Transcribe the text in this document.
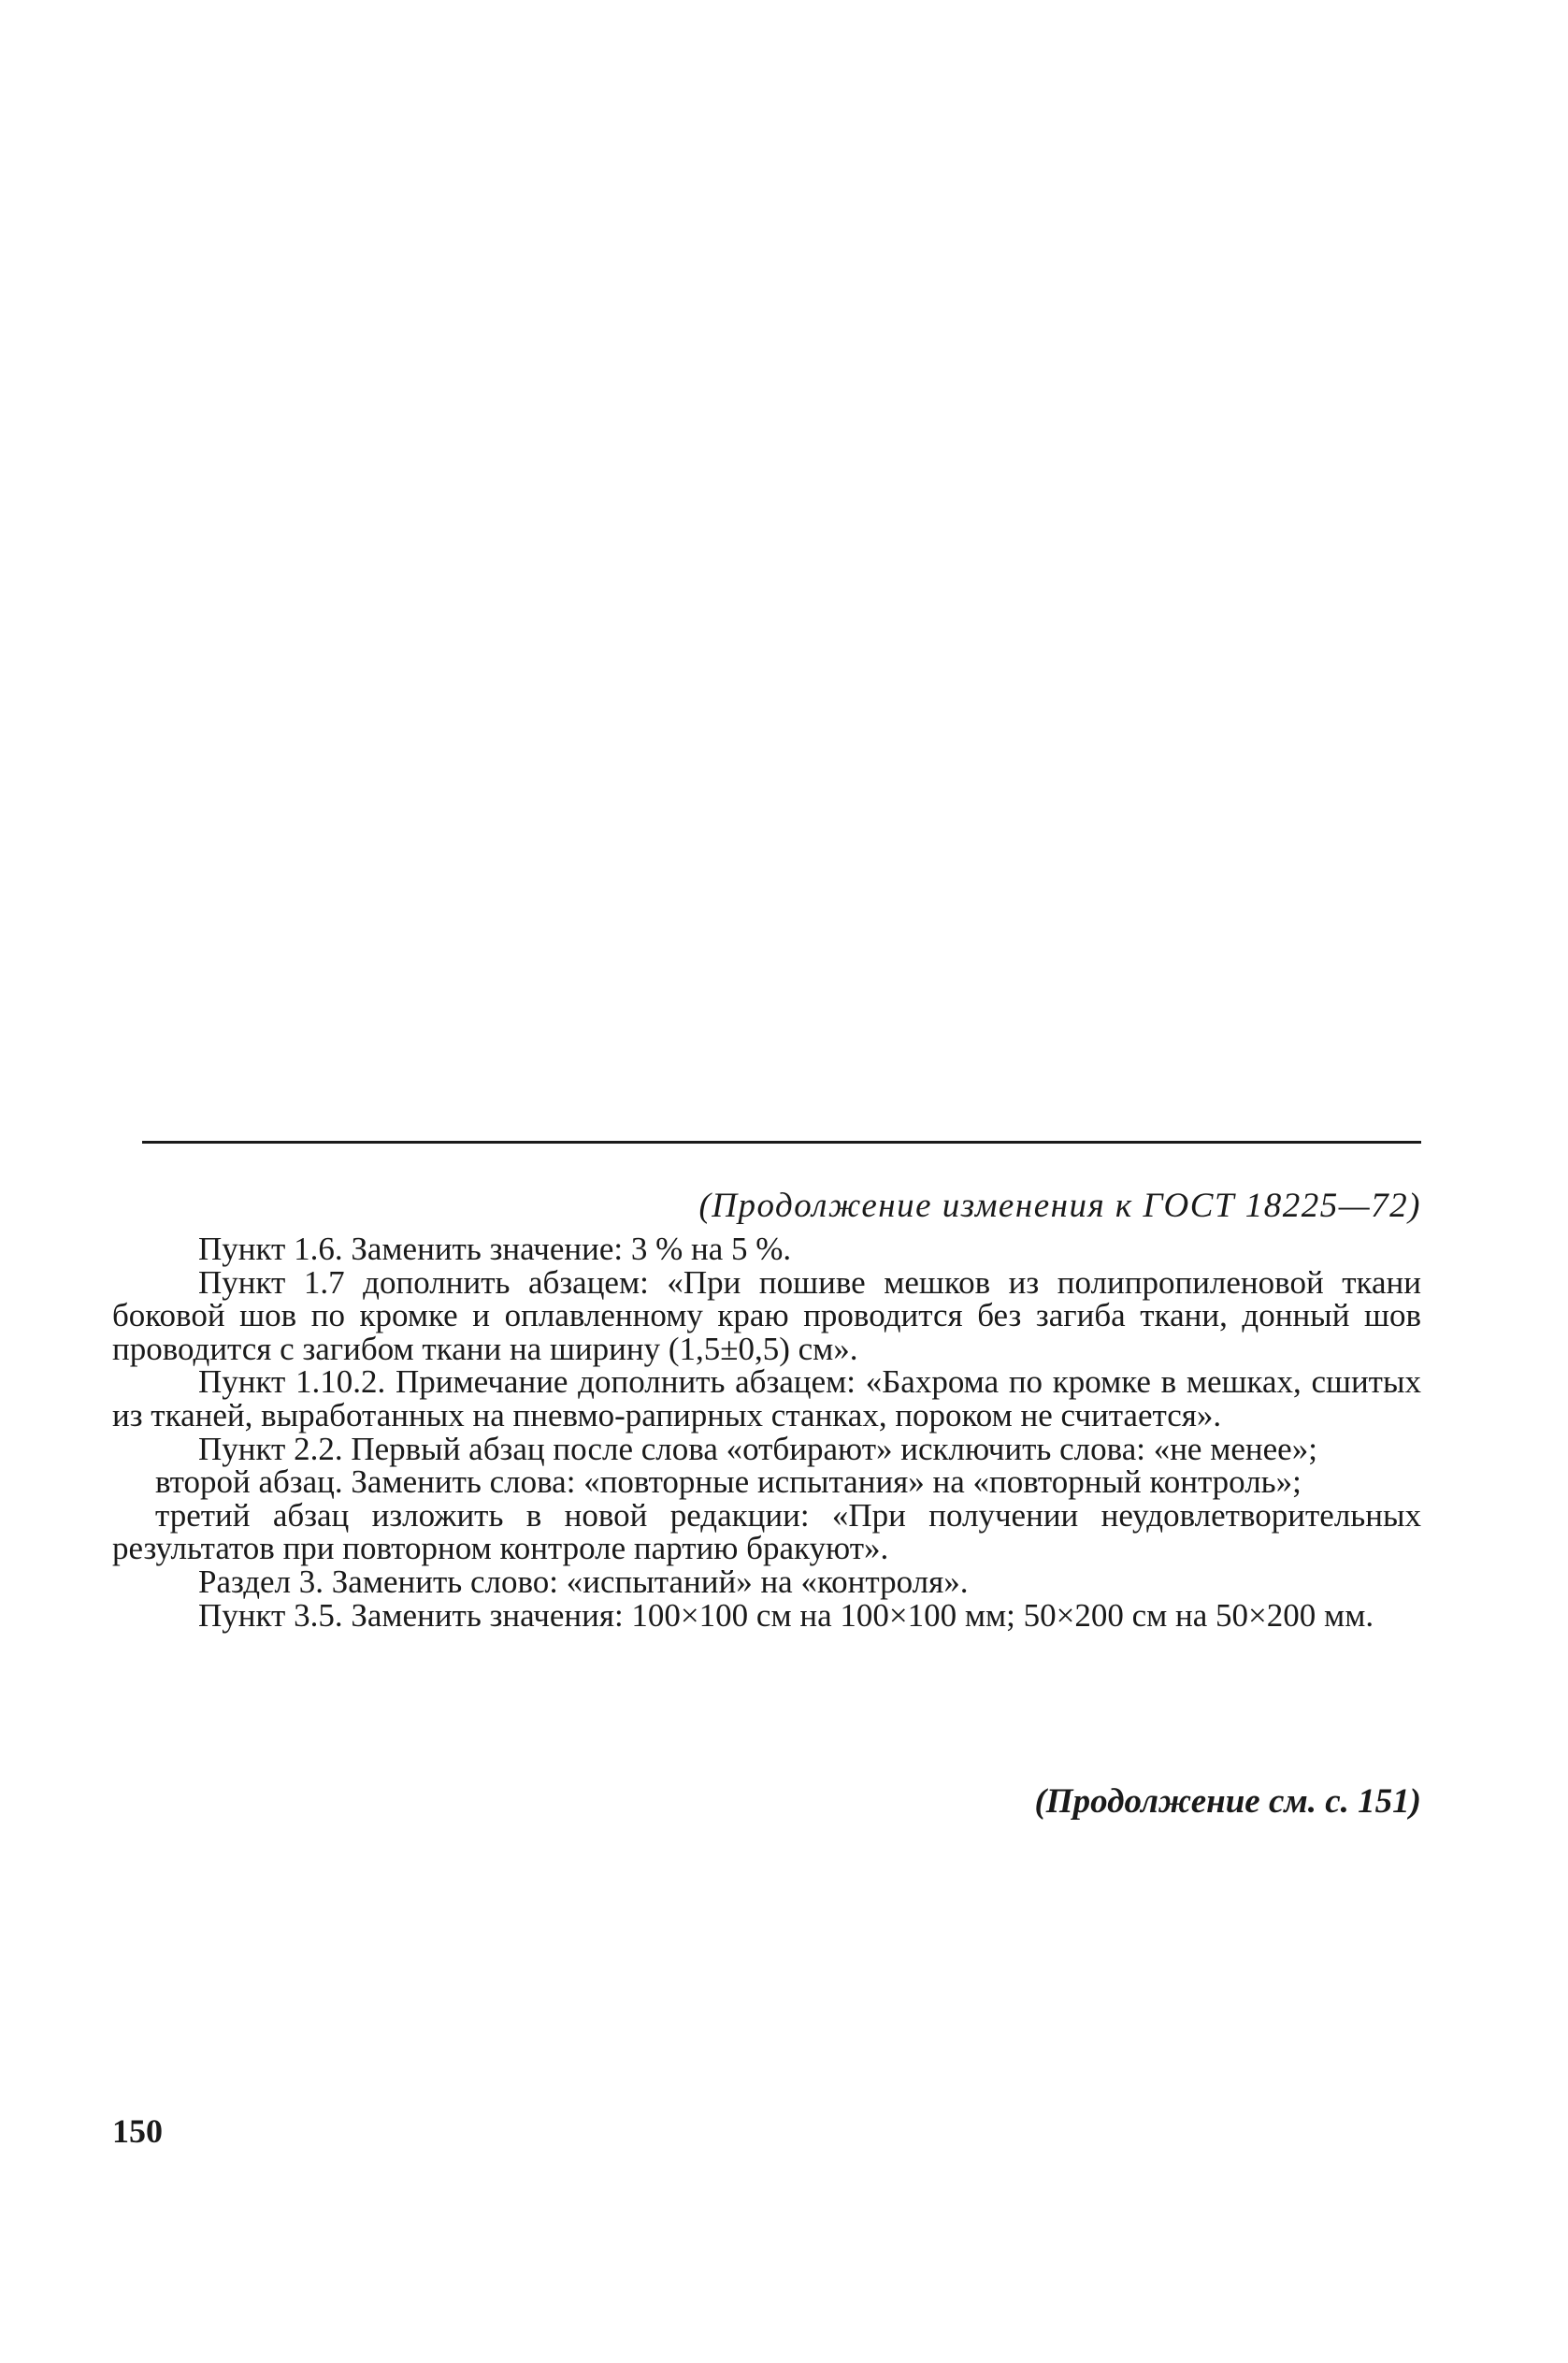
(Продолжение изменения к ГОСТ 18225—72)

Пункт 1.6. Заменить значение: 3 % на 5 %.

Пункт 1.7 дополнить абзацем: «При пошиве мешков из полипропиленовой ткани боковой шов по кромке и оплавленному краю проводится без загиба ткани, донный шов проводится с загибом ткани на ширину (1,5±0,5) см».

Пункт 1.10.2. Примечание дополнить абзацем: «Бахрома по кромке в мешках, сшитых из тканей, выработанных на пневмо-рапирных станках, пороком не считается».

Пункт 2.2. Первый абзац после слова «отбирают» исключить слова: «не менее»;

второй абзац. Заменить слова: «повторные испытания» на «повторный контроль»;

третий абзац изложить в новой редакции: «При получении неудовлетворительных результатов при повторном контроле партию бракуют».

Раздел 3. Заменить слово: «испытаний» на «контроля».

Пункт 3.5. Заменить значения: 100×100 см на 100×100 мм; 50×200 см на 50×200 мм.

(Продолжение см. с. 151)
150
